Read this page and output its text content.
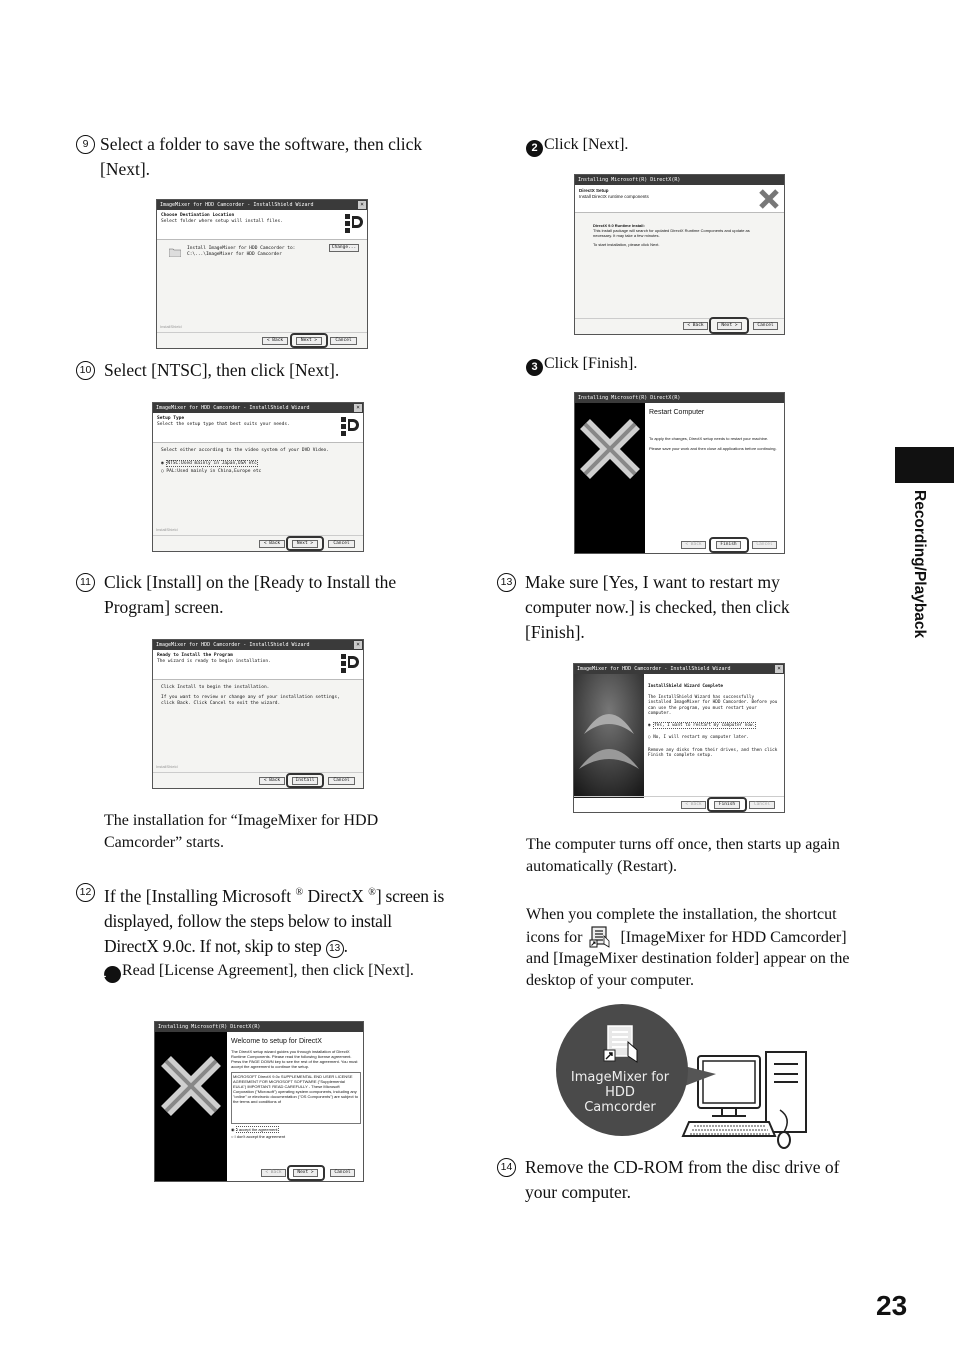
Recording/Playback
23
9 Select a folder to save the software, then click [Next].
ImageMixer for HDD Camcorder - InstallShield Wizard	×
Choose Destination Location
Select folder where setup will install files.
Install ImageMixer for HDD Camcorder to:
C:\...\ImageMixer for HDD Camcorder
Change...
InstallShield
< Back	Next >	Cancel
10 Select [NTSC], then click [Next].
ImageMixer for HDD Camcorder - InstallShield Wizard	×
Setup Type
Select the setup type that best suits your needs.
Select either according to the video system of your DVD Video.
◉ NTSC:Used mainly in Japan,USA etc
○ PAL:Used mainly in China,Europe etc
InstallShield
< Back	Next >	Cancel
11 Click [Install] on the [Ready to Install the Program] screen.
ImageMixer for HDD Camcorder - InstallShield Wizard	×
Ready to Install the Program
The wizard is ready to begin installation.
Click Install to begin the installation.
If you want to review or change any of your installation settings, click Back. Click Cancel to exit the wizard.
InstallShield
< Back	Install	Cancel
The installation for “ImageMixer for HDD Camcorder” starts.
12 If the [Installing Microsoft ® DirectX ®] screen is displayed, follow the steps below to install DirectX 9.0c. If not, skip to step 13 .
1 Read [License Agreement], then click [Next].
Installing Microsoft(R) DirectX(R)
Welcome to setup for DirectX
The DirectX setup wizard guides you through installation of DirectX Runtime Components. Please read the following license agreement. Press the PAGE DOWN key to see the rest of the agreement. You must accept the agreement to continue the setup.
MICROSOFT DirectX 9.0c SUPPLEMENTAL END USER LICENSE AGREEMENT FOR MICROSOFT SOFTWARE ("Supplemental EULA") IMPORTANT: READ CAREFULLY - These Microsoft Corporation ("Microsoft") operating system components, including any "online" or electronic documentation ("OS Components") are subject to the terms and conditions of
◉ I accept the agreement
○ I don't accept the agreement
< Back	Next >	Cancel
2 Click [Next].
Installing Microsoft(R) DirectX(R)
DirectX Setup
Install DirectX runtime components
DirectX 9.0 Runtime Install:
This install package will search for updated DirectX Runtime Components and update as necessary. It may take a few minutes.
To start installation, please click Next.
< Back	Next >	Cancel
3 Click [Finish].
Installing Microsoft(R) DirectX(R)
Restart Computer
To apply the changes, DirectX setup needs to restart your machine.
Please save your work and then close all applications before continuing.
< Back	Finish	Cancel
13 Make sure [Yes, I want to restart my computer now.] is checked, then click [Finish].
ImageMixer for HDD Camcorder - InstallShield Wizard	×
InstallShield Wizard Complete
The InstallShield Wizard has successfully installed ImageMixer for HDD Camcorder. Before you can use the program, you must restart your computer.
◉ Yes, I want to restart my computer now.
○ No, I will restart my computer later.
Remove any disks from their drives, and then click Finish to complete setup.
< Back	Finish	Cancel
The computer turns off once, then starts up again automatically (Restart).
When you complete the installation, the shortcut icons for [ImageMixer for HDD Camcorder] and [ImageMixer destination folder] appear on the desktop of your computer.
ImageMixer for HDD Camcorder
14 Remove the CD-ROM from the disc drive of your computer.
